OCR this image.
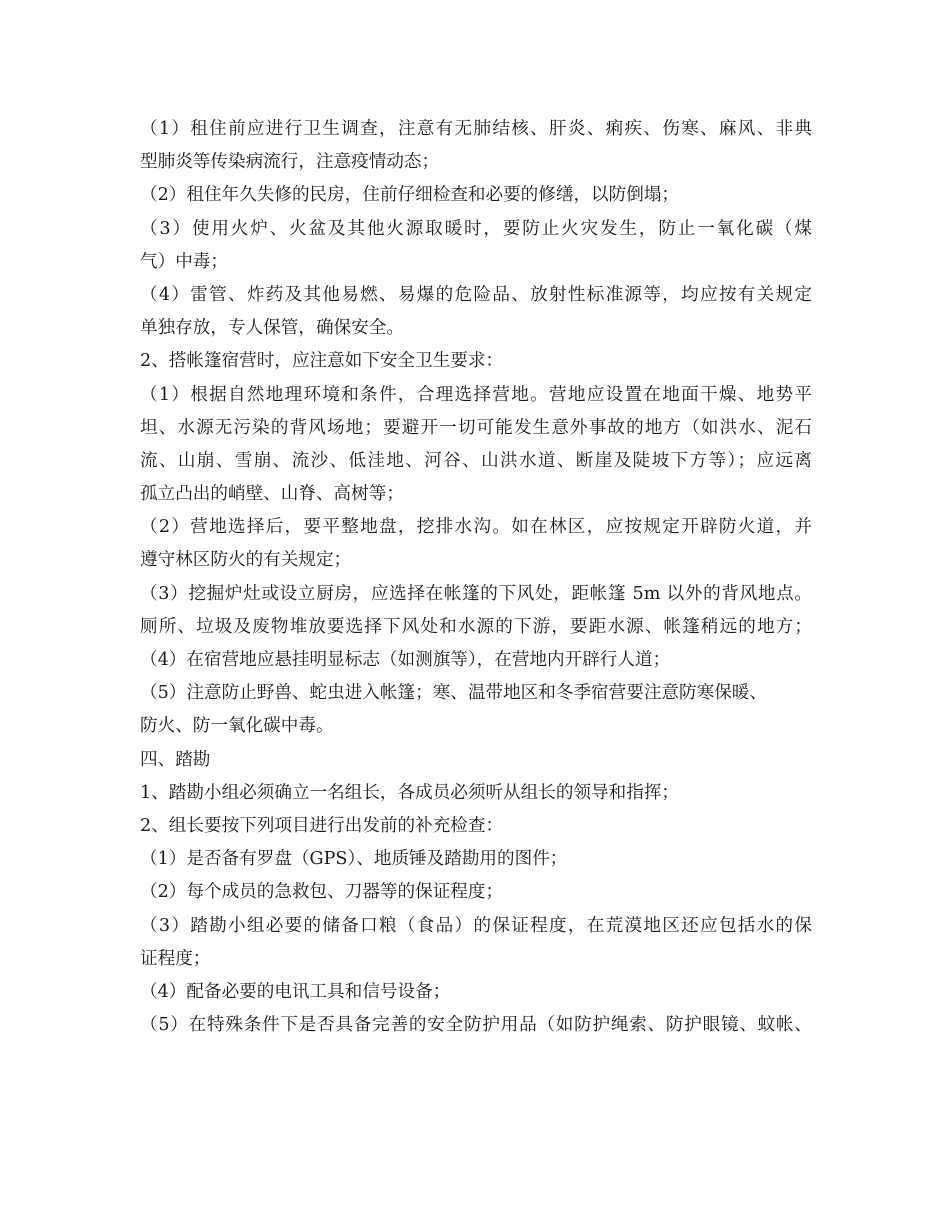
（1）租住前应进行卫生调查，注意有无肺结核、肝炎、痢疾、伤寒、麻风、非典
型肺炎等传染病流行，注意疫情动态；
（2）租住年久失修的民房，住前仔细检查和必要的修缮，以防倒塌；
（3）使用火炉、火盆及其他火源取暖时，要防止火灾发生，防止一氧化碳（煤
气）中毒；
（4）雷管、炸药及其他易燃、易爆的危险品、放射性标准源等，均应按有关规定
单独存放，专人保管，确保安全。
2、搭帐篷宿营时，应注意如下安全卫生要求：
（1）根据自然地理环境和条件，合理选择营地。营地应设置在地面干燥、地势平
坦、水源无污染的背风场地；要避开一切可能发生意外事故的地方（如洪水、泥石
流、山崩、雪崩、流沙、低洼地、河谷、山洪水道、断崖及陡坡下方等）；应远离
孤立凸出的峭壁、山脊、高树等；
（2）营地选择后，要平整地盘，挖排水沟。如在林区，应按规定开辟防火道，并
遵守林区防火的有关规定；
（3）挖掘炉灶或设立厨房，应选择在帐篷的下风处，距帐篷 5m 以外的背风地点。
厕所、垃圾及废物堆放要选择下风处和水源的下游，要距水源、帐篷稍远的地方；
（4）在宿营地应悬挂明显标志（如测旗等），在营地内开辟行人道；
（5）注意防止野兽、蛇虫进入帐篷；寒、温带地区和冬季宿营要注意防寒保暖、
防火、防一氧化碳中毒。
四、踏勘
1、踏勘小组必须确立一名组长，各成员必须听从组长的领导和指挥；
2、组长要按下列项目进行出发前的补充检查：
（1）是否备有罗盘（GPS）、地质锤及踏勘用的图件；
（2）每个成员的急救包、刀器等的保证程度；
（3）踏勘小组必要的储备口粮（食品）的保证程度，在荒漠地区还应包括水的保
证程度；
（4）配备必要的电讯工具和信号设备；
（5）在特殊条件下是否具备完善的安全防护用品（如防护绳索、防护眼镜、蚊帐、
